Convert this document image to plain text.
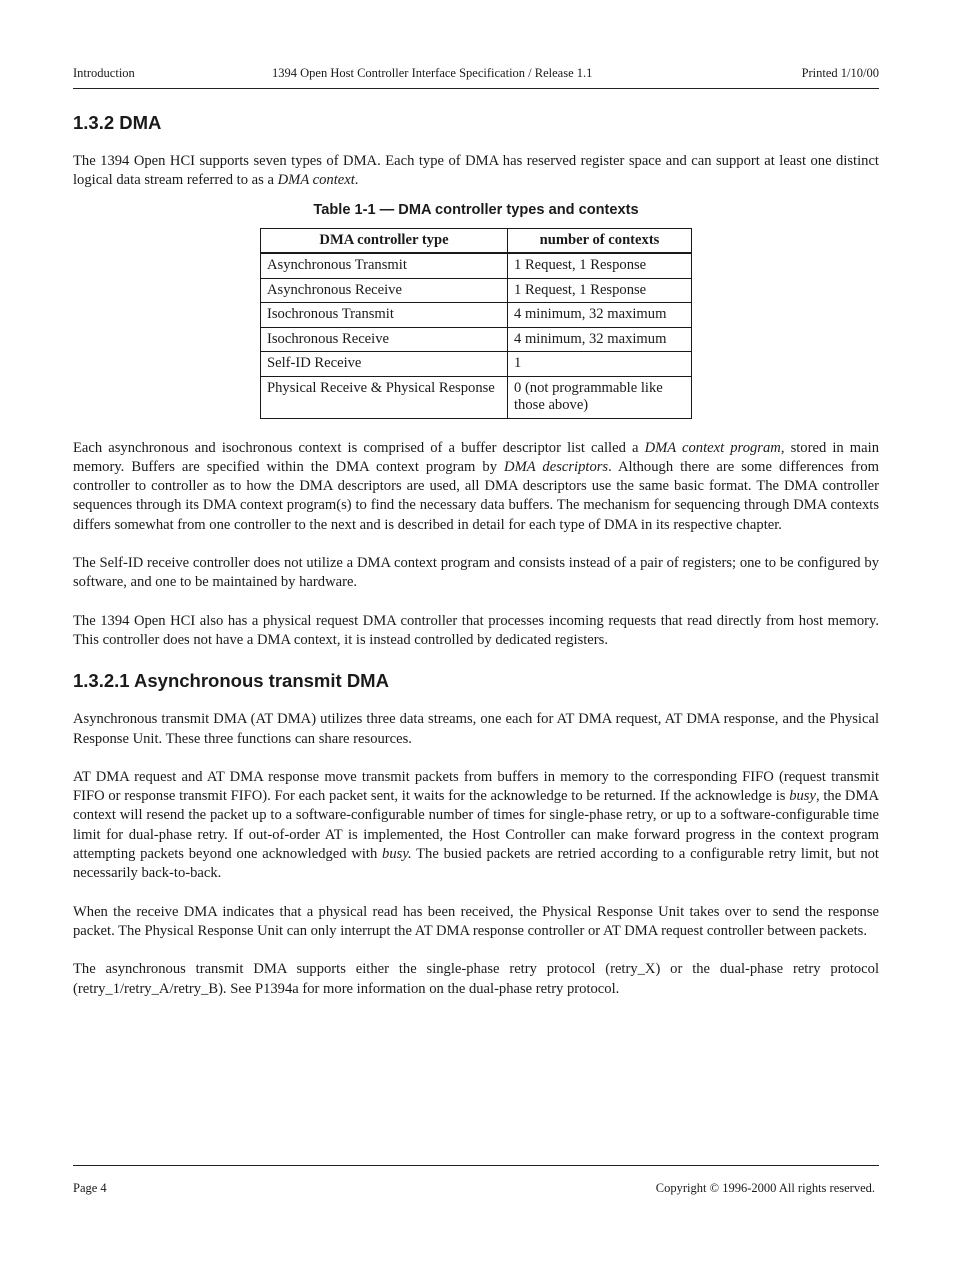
Introduction	1394 Open Host Controller Interface Specification / Release 1.1	Printed 1/10/00
1.3.2 DMA

The 1394 Open HCI supports seven types of DMA. Each type of DMA has reserved register space and can support at least one distinct logical data stream referred to as a DMA context.

Table 1-1 — DMA controller types and contexts
DMA controller type	number of contexts
Asynchronous Transmit	1 Request, 1 Response
Asynchronous Receive	1 Request, 1 Response
Isochronous Transmit	4 minimum, 32 maximum
Isochronous Receive	4 minimum, 32 maximum
Self-ID Receive	1
Physical Receive & Physical Response	0 (not programmable like those above)

Each asynchronous and isochronous context is comprised of a buffer descriptor list called a DMA context program, stored in main memory. Buffers are specified within the DMA context program by DMA descriptors. Although there are some differences from controller to controller as to how the DMA descriptors are used, all DMA descriptors use the same basic format. The DMA controller sequences through its DMA context program(s) to find the necessary data buffers. The mechanism for sequencing through DMA contexts differs somewhat from one controller to the next and is described in detail for each type of DMA in its respective chapter.

The Self-ID receive controller does not utilize a DMA context program and consists instead of a pair of registers; one to be configured by software, and one to be maintained by hardware.

The 1394 Open HCI also has a physical request DMA controller that processes incoming requests that read directly from host memory. This controller does not have a DMA context, it is instead controlled by dedicated registers.

1.3.2.1 Asynchronous transmit DMA

Asynchronous transmit DMA (AT DMA) utilizes three data streams, one each for AT DMA request, AT DMA response, and the Physical Response Unit. These three functions can share resources.

AT DMA request and AT DMA response move transmit packets from buffers in memory to the corresponding FIFO (request transmit FIFO or response transmit FIFO). For each packet sent, it waits for the acknowledge to be returned. If the acknowledge is busy, the DMA context will resend the packet up to a software-configurable number of times for single-phase retry, or up to a software-configurable time limit for dual-phase retry. If out-of-order AT is implemented, the Host Controller can make forward progress in the context program attempting packets beyond one acknowledged with busy. The busied packets are retried according to a configurable retry limit, but not necessarily back-to-back.

When the receive DMA indicates that a physical read has been received, the Physical Response Unit takes over to send the response packet. The Physical Response Unit can only interrupt the AT DMA response controller or AT DMA request controller between packets.

The asynchronous transmit DMA supports either the single-phase retry protocol (retry_X) or the dual-phase retry protocol (retry_1/retry_A/retry_B). See P1394a for more information on the dual-phase retry protocol.

Page 4	Copyright © 1996-2000 All rights reserved.
